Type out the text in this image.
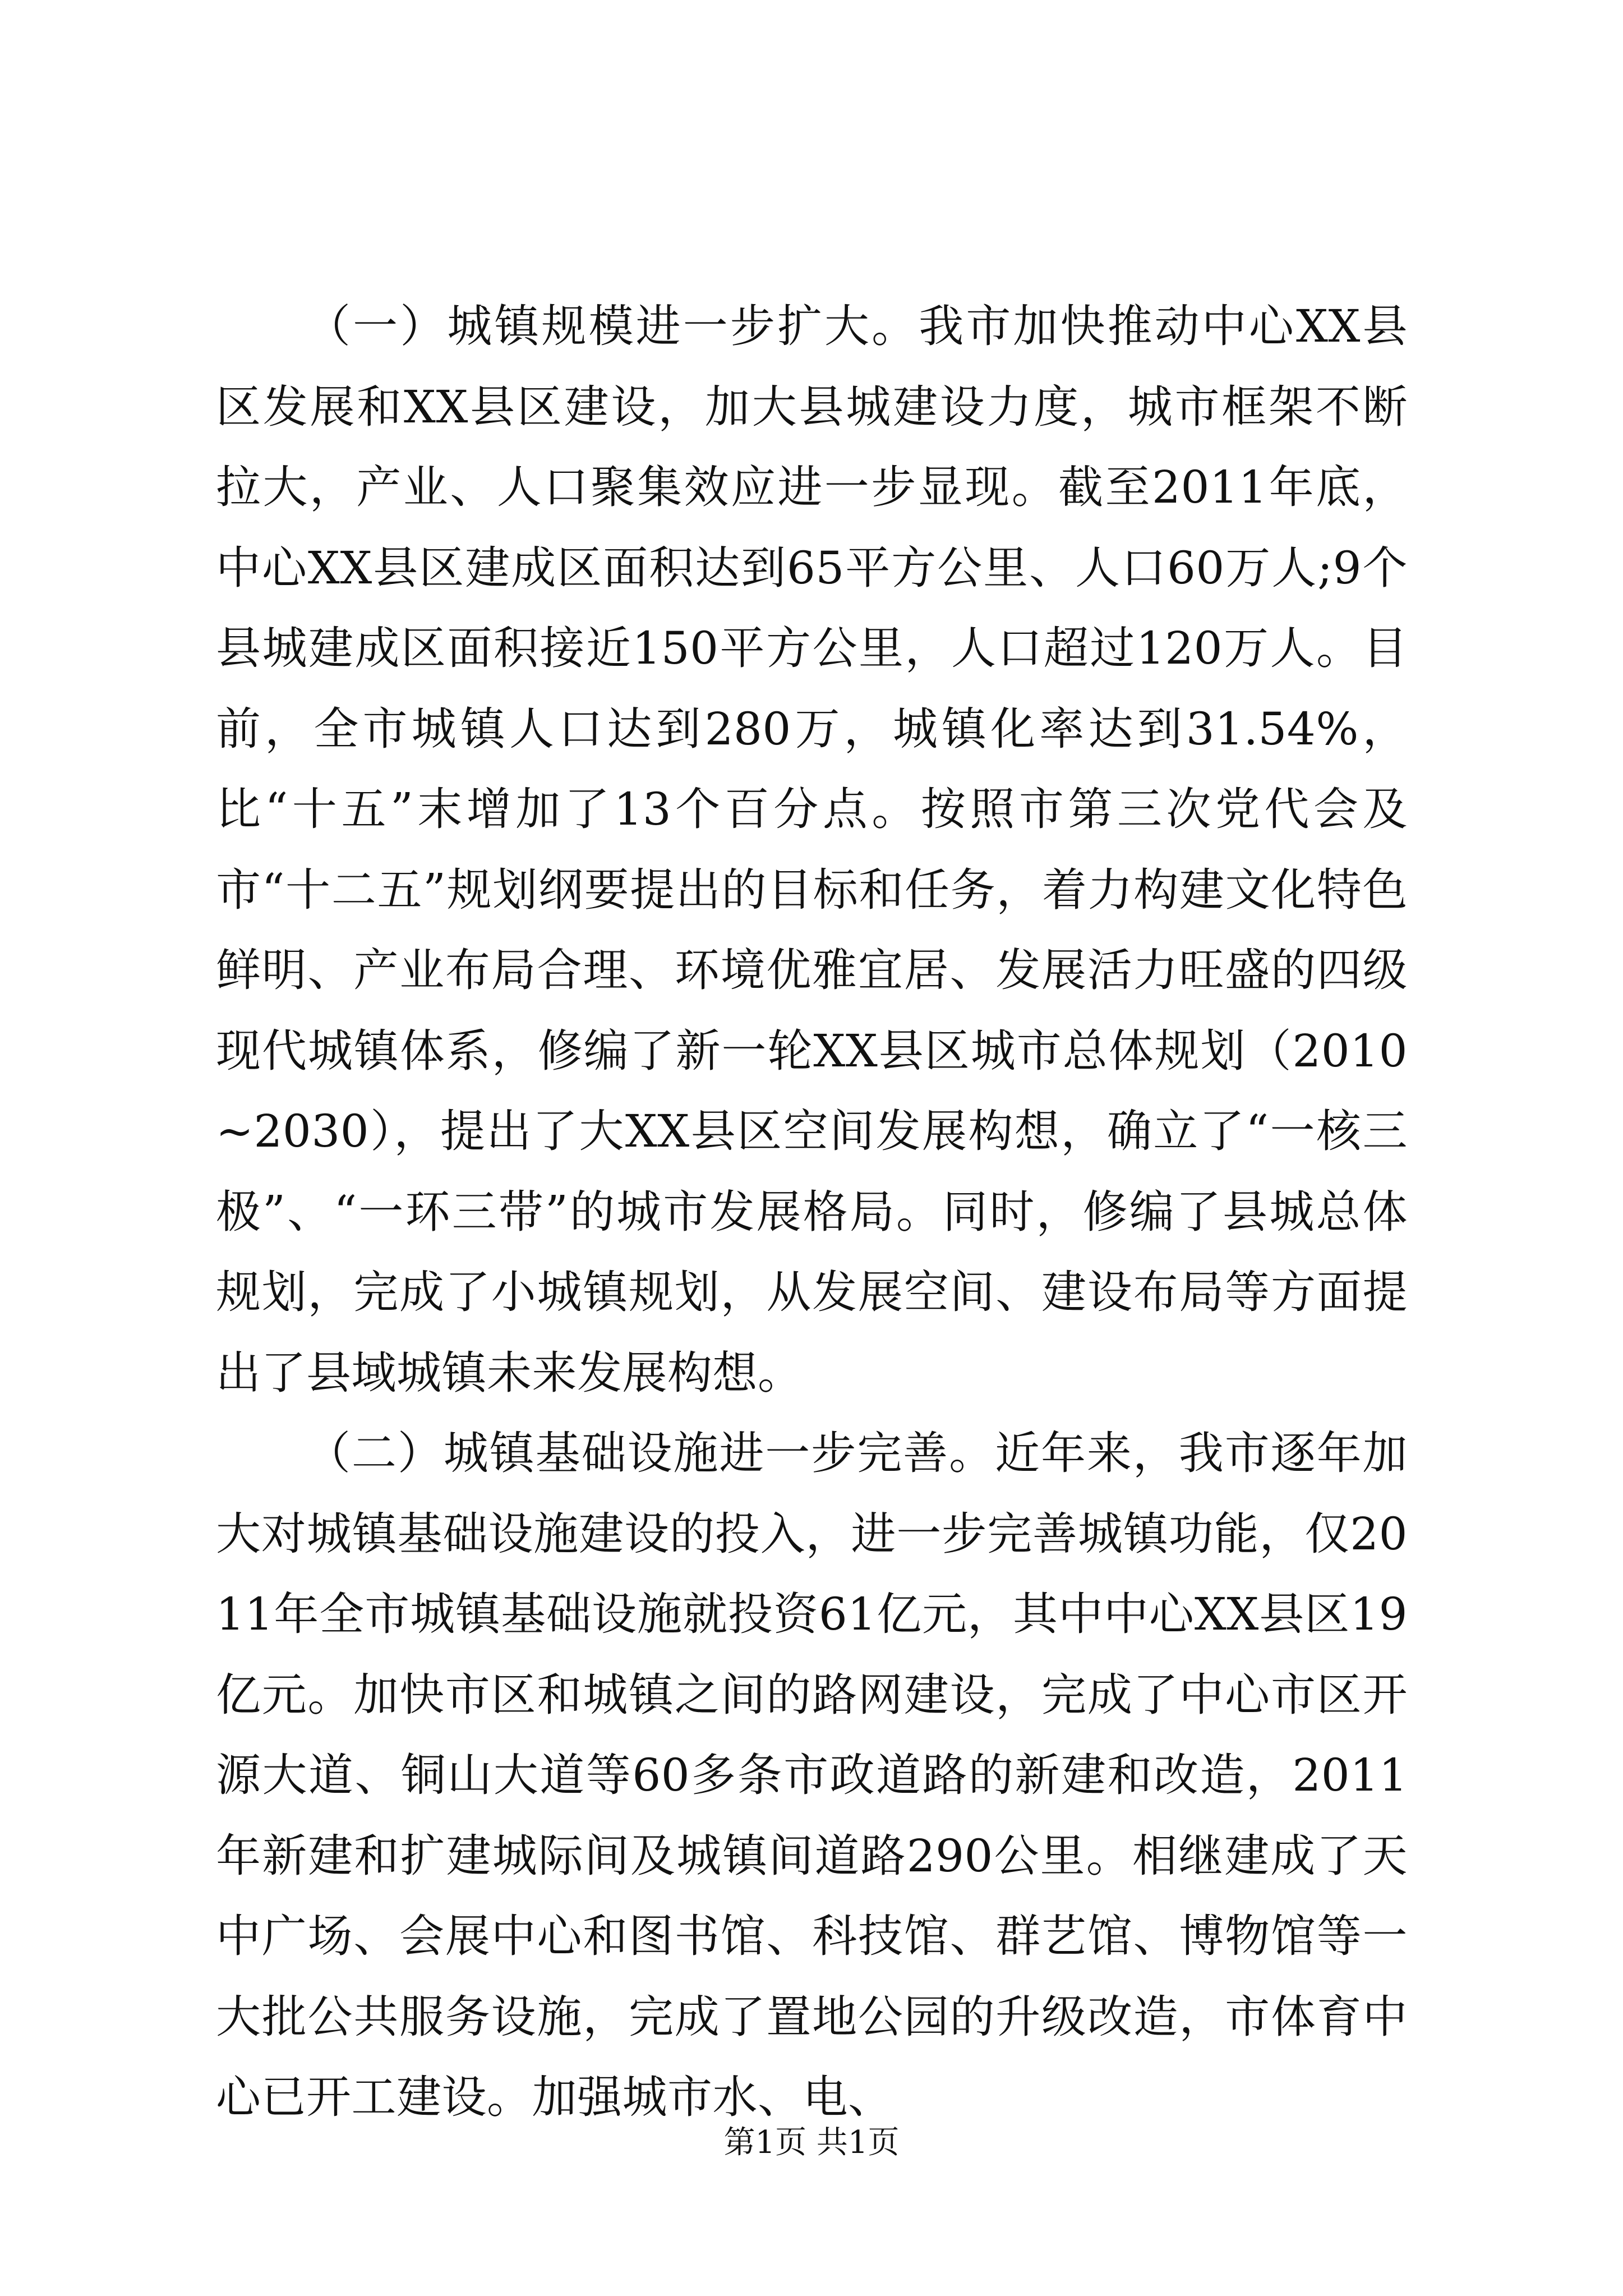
（一）城镇规模进一步扩大。我市加快推动中心XX县区发展和XX县区建设，加大县城建设力度，城市框架不断拉大，产业、人口聚集效应进一步显现。截至2011年底，中心XX县区建成区面积达到65平方公里、人口60万人;9个县城建成区面积接近150平方公里，人口超过120万人。目前，全市城镇人口达到280万，城镇化率达到31.54%，比“十五”末增加了13个百分点。按照市第三次党代会及市“十二五”规划纲要提出的目标和任务，着力构建文化特色鲜明、产业布局合理、环境优雅宜居、发展活力旺盛的四级现代城镇体系，修编了新一轮XX县区城市总体规划（2010~2030），提出了大XX县区空间发展构想，确立了“一核三极”、“一环三带”的城市发展格局。同时，修编了县城总体规划，完成了小城镇规划，从发展空间、建设布局等方面提出了县域城镇未来发展构想。

（二）城镇基础设施进一步完善。近年来，我市逐年加大对城镇基础设施建设的投入，进一步完善城镇功能，仅2011年全市城镇基础设施就投资61亿元，其中中心XX县区19亿元。加快市区和城镇之间的路网建设，完成了中心市区开源大道、铜山大道等60多条市政道路的新建和改造，2011年新建和扩建城际间及城镇间道路290公里。相继建成了天中广场、会展中心和图书馆、科技馆、群艺馆、博物馆等一大批公共服务设施，完成了置地公园的升级改造，市体育中心已开工建设。加强城市水、电、

第1页 共1页
